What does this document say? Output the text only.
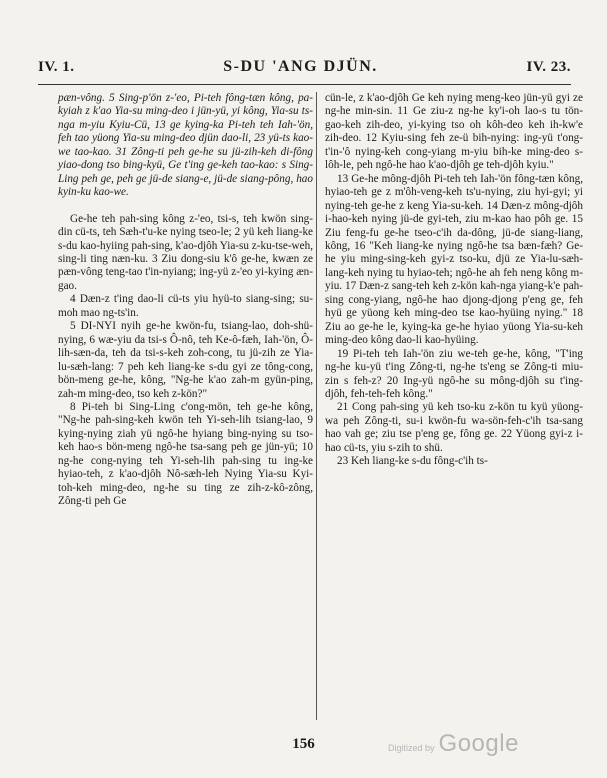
IV. 1.	S-DU 'ANG DJÜN.	IV. 23.

pæn-vông. 5 Sing-p'ön z-'eo, Pi-teh fông-tæn kông, pa-kyiah z k'ao Yia-su ming-deo i jün-yü, yi kông, Yia-su ts-nga m-yiu Kyiu-Cü, 13 ge kying-ka Pi-teh teh Iah-'ön, feh tao yüong Yia-su ming-deo djün dao-li, 23 yü-ts kao-we tao-kao. 31 Zông-ti peh ge-he su jü-zih-keh di-fông yiao-dong tso bing-kyü, Ge t'ing ge-keh tao-kao: s Sing-Ling peh ge, peh ge jü-de siang-e, jü-de siang-pông, hao kyin-ku kao-we.

Ge-he teh pah-sing kông z-'eo, tsi-s, teh kwön sing-din cü-ts, teh Sæh-t'u-ke nying tseo-le; 2 yü keh liang-ke s-du kao-hyiing pah-sing, k'ao-djôh Yia-su z-ku-tse-weh, sing-li ting næn-ku. 3 Ziu dong-siu k'ô ge-he, kwæn ze pæn-vông teng-tao t'in-nyiang; ing-yü z-'eo yi-kying æn-gao.

4 Dæn-z t'ing dao-li cü-ts yiu hyü-to siang-sing; su-moh mao ng-ts'in.

5 DI-NYI nyih ge-he kwön-fu, tsiang-lao, doh-shü-nying, 6 wæ-yiu da tsi-s Ô-nô, teh Ke-ô-fæh, Iah-'ön, Ô-lih-sæn-da, teh da tsi-s-keh zoh-cong, tu jü-zih ze Yia-lu-sæh-lang: 7 peh keh liang-ke s-du gyi ze tông-cong, bön-meng ge-he, kông, "Ng-he k'ao zah-m gyün-ping, zah-m ming-deo, tso keh z-kön?"

8 Pi-teh bi Sing-Ling c'ong-mön, teh ge-he kông, "Ng-he pah-sing-keh kwön teh Yi-seh-lih tsiang-lao, 9 kying-nying ziah yü ngô-he hyiang bing-nying su tso-keh hao-s bön-meng ngô-he tsa-sang peh ge jün-yü; 10 ng-he cong-nying teh Yi-seh-lih pah-sing tu ing-ke hyiao-teh, z k'ao-djôh Nô-sæh-leh Nying Yia-su Kyi-toh-keh ming-deo, ng-he su ting ze zih-z-kô-zông, Zông-ti peh Ge

cün-le, z k'ao-djôh Ge keh nying meng-keo jün-yü gyi ze ng-he min-sin. 11 Ge ziu-z ng-he ky'i-oh lao-s tu tön-gao-keh zih-deo, yi-kying tso oh kôh-deo keh ih-kw'e zih-deo. 12 Kyiu-sing feh ze-ü bih-nying: ing-yü t'ong-t'in-'ô nying-keh cong-yiang m-yiu bih-ke ming-deo s-lôh-le, peh ngô-he hao k'ao-djôh ge teh-djôh kyiu."

13 Ge-he mông-djôh Pi-teh teh Iah-'ön fông-tæn kông, hyiao-teh ge z m'ôh-veng-keh ts'u-nying, ziu hyi-gyi; yi nying-teh ge-he z keng Yia-su-keh. 14 Dæn-z mông-djôh i-hao-keh nying jü-de gyi-teh, ziu m-kao hao pôh ge. 15 Ziu feng-fu ge-he tseo-c'ih da-dông, jü-de siang-liang, kông, 16 "Keh liang-ke nying ngô-he tsa bæn-fæh? Ge-he yiu ming-sing-keh gyi-z tso-ku, djü ze Yia-lu-sæh-lang-keh nying tu hyiao-teh; ngô-he ah feh neng kông m-yiu. 17 Dæn-z sang-teh keh z-kön kah-nga yiang-k'e pah-sing cong-yiang, ngô-he hao djong-djong p'eng ge, feh hyü ge yüong keh ming-deo tse kao-hyüing nying." 18 Ziu ao ge-he le, kying-ka ge-he hyiao yüong Yia-su-keh ming-deo kông dao-li kao-hyüing.

19 Pi-teh teh Iah-'ön ziu we-teh ge-he, kông, "T'ing ng-he ku-yü t'ing Zông-ti, ng-he ts'eng se Zông-ti miu-zin s feh-z? 20 Ing-yü ngô-he su mông-djôh su t'ing-djôh, feh-teh-feh kông."

21 Cong pah-sing yü keh tso-ku z-kön tu kyü yüong-wa peh Zông-ti, su-i kwön-fu wa-sön-feh-c'ih tsa-sang hao vah ge; ziu tse p'eng ge, fông ge. 22 Yüong gyi-z i-hao cü-ts, yiu s-zih to shü.

23 Keh liang-ke s-du fông-c'ih ts-

156	Digitized by Google
